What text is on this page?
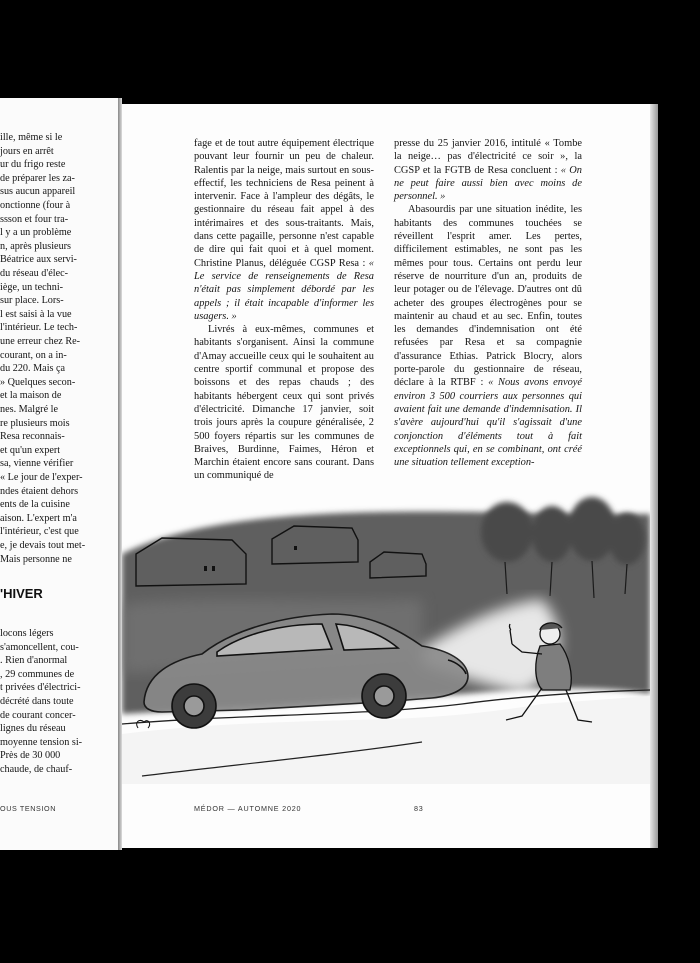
ille, même si le
jours en arrêt
ur du frigo reste
de préparer les za-
sus aucun appareil
onctionne (four à
ssson et four tra-
l y a un problème
n, après plusieurs
Béatrice aux servi-
du réseau d'élec-
iège, un techni-
sur place. Lors-
l est saisi à la vue
l'intérieur. Le tech-
une erreur chez Re-
courant, on a in-
du 220. Mais ça
» Quelques secon-
et la maison de
nes. Malgré le
re plusieurs mois
Resa reconnais-
et qu'un expert
sa, vienne vérifier
« Le jour de l'exper-
ndes étaient dehors
ents de la cuisine
aison. L'expert m'a
l'intérieur, c'est que
e, je devais tout met-
Mais personne ne
'HIVER
locons légers
s'amoncellent, cou-
. Rien d'anormal
, 29 communes de
t privées d'électrici-
décrété dans toute
de courant concer-
lignes du réseau
moyenne tension si-
Près de 30 000
chaude, de chauf-
OUS TENSION

fage et de tout autre équipement électrique pouvant leur fournir un peu de chaleur. Ralentis par la neige, mais surtout en sous-effectif, les techniciens de Resa peinent à intervenir. Face à l'ampleur des dégâts, le gestionnaire du réseau fait appel à des intérimaires et des sous-traitants. Mais, dans cette pagaille, personne n'est capable de dire qui fait quoi et à quel moment. Christine Planus, déléguée CGSP Resa : « Le service de renseignements de Resa n'était pas simplement débordé par les appels ; il était incapable d'informer les usagers. »

Livrés à eux-mêmes, communes et habitants s'organisent. Ainsi la commune d'Amay accueille ceux qui le souhaitent au centre sportif communal et propose des boissons et des repas chauds ; des habitants hébergent ceux qui sont privés d'électricité. Dimanche 17 janvier, soit trois jours après la coupure généralisée, 2 500 foyers répartis sur les communes de Braives, Burdinne, Faimes, Héron et Marchin étaient encore sans courant. Dans un communiqué de

presse du 25 janvier 2016, intitulé « Tombe la neige… pas d'électricité ce soir », la CGSP et la FGTB de Resa concluent : « On ne peut faire aussi bien avec moins de personnel. »

Abasourdis par une situation inédite, les habitants des communes touchées se réveillent l'esprit amer. Les pertes, difficilement estimables, ne sont pas les mêmes pour tous. Certains ont perdu leur réserve de nourriture d'un an, produits de leur potager ou de l'élevage. D'autres ont dû acheter des groupes électrogènes pour se maintenir au chaud et au sec. Enfin, toutes les demandes d'indemnisation ont été refusées par Resa et sa compagnie d'assurance Ethias. Patrick Blocry, alors porte-parole du gestionnaire de réseau, déclare à la RTBF : « Nous avons envoyé environ 3 500 courriers aux personnes qui avaient fait une demande d'indemnisation. Il s'avère aujourd'hui qu'il s'agissait d'une conjonction d'éléments tout à fait exceptionnels qui, en se combinant, ont créé une situation tellement exception-

MÉDOR — AUTOMNE 2020	83
